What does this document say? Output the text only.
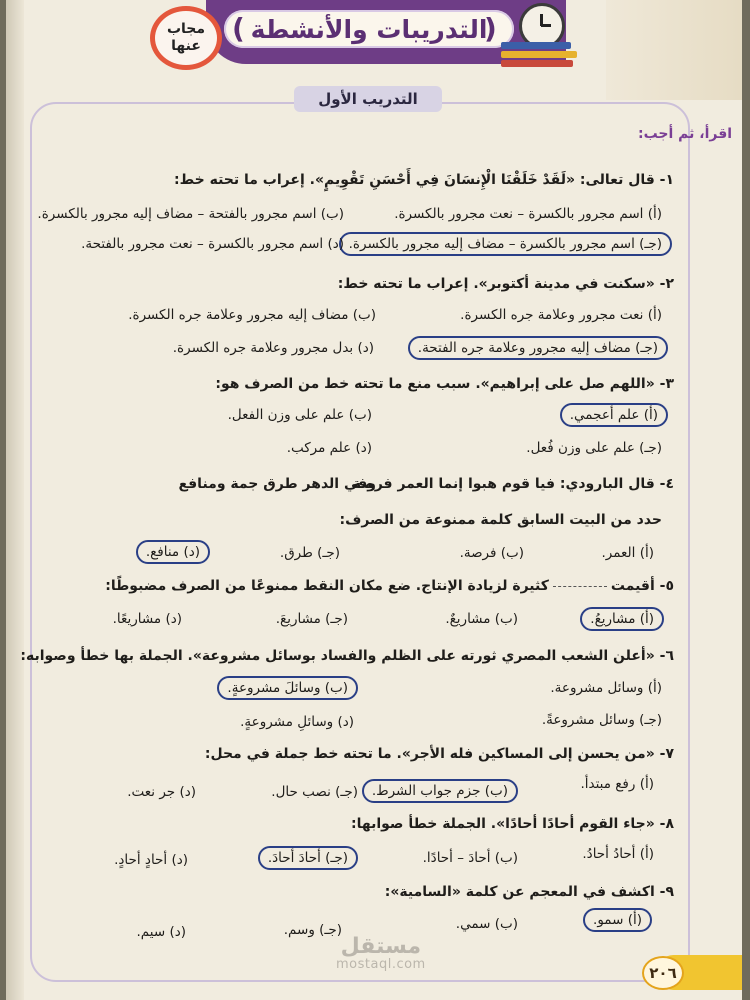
التدريبات والأنشطة
(	)
مجاب
عنها
التدريب الأول
اقرأ، ثم أجب:
١- قال تعالى: «لَقَدْ خَلَقْنَا الْإِنسَانَ فِي أَحْسَنِ تَقْوِيمٍ». إعراب ما تحته خط:
(أ) اسم مجرور بالكسرة – نعت مجرور بالكسرة.
(ب) اسم مجرور بالفتحة – مضاف إليه مجرور بالكسرة.
(جـ) اسم مجرور بالكسرة – مضاف إليه مجرور بالكسرة.
(د) اسم مجرور بالكسرة – نعت مجرور بالفتحة.
٢- «سكنت في مدينة أكتوبر». إعراب ما تحته خط:
(أ) نعت مجرور وعلامة جره الكسرة.
(ب) مضاف إليه مجرور وعلامة جره الكسرة.
(جـ) مضاف إليه مجرور وعلامة جره الفتحة.
(د) بدل مجرور وعلامة جره الكسرة.
٣- «اللهم صل على إبراهيم». سبب منع ما تحته خط من الصرف هو:
(أ) علم أعجمي.
(ب) علم على وزن الفعل.
(جـ) علم على وزن فُعل.
(د) علم مركب.
٤- قال البارودي: فيا قوم هبوا إنما العمر فرصة
وفي الدهر طرق جمة ومنافع
حدد من البيت السابق كلمة ممنوعة من الصرف:
(أ) العمر.
(ب) فرصة.
(جـ) طرق.
(د) منافع.
٥- أقيمتكثيرة لزيادة الإنتاج. ضع مكان النقط ممنوعًا من الصرف مضبوطًا:
(أ) مشاريعُ.
(ب) مشاريعٌ.
(جـ) مشاريعَ.
(د) مشاريعًا.
٦- «أعلن الشعب المصري ثورته على الظلم والفساد بوسائل مشروعة». الجملة بها خطأ وصوابه:
(أ) وسائل مشروعة.
(ب) وسائلَ مشروعةٍ.
(جـ) وسائل مشروعةً.
(د) وسائلِ مشروعةٍ.
٧- «من يحسن إلى المساكين فله الأجر». ما تحته خط جملة في محل:
(أ) رفع مبتدأ.
(ب) جزم جواب الشرط.
(جـ) نصب حال.
(د) جر نعت.
٨- «جاء القوم أحادًا أحادًا». الجملة خطأ صوابها:
(أ) أحادُ أحادُ.
(ب) أحادَ – أحادًا.
(جـ) أحادَ أحادَ.
(د) أحادٍ أحادٍ.
٩- اكشف في المعجم عن كلمة «السامية»:
(أ) سمو.
(ب) سمي.
(جـ) وسم.
(د) سيم.
مستقل
mostaql.com	٢٠٦
